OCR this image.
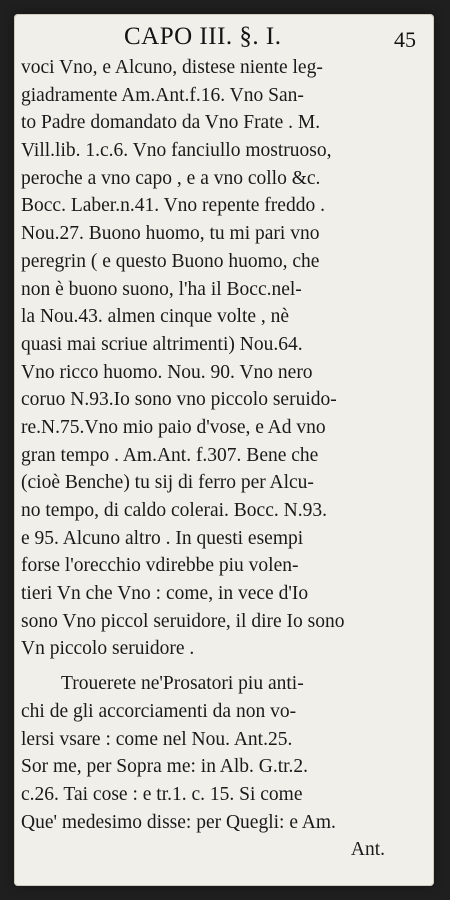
CAPO III. §. I.	45
voci Vno, e Alcuno, distese niente leg-
giadramente Am.Ant.f.16. Vno San-
to Padre domandato da Vno Frate . M.
Vill.lib. 1.c.6. Vno fanciullo mostruoso,
peroche a vno capo , e a vno collo &c.
Bocc. Laber.n.41. Vno repente freddo .
Nou.27. Buono huomo, tu mi pari vno
peregrin ( e questo Buono huomo, che
non è buono suono, l'ha il Bocc.nel-
la Nou.43. almen cinque volte , nè
quasi mai scriue altrimenti) Nou.64.
Vno ricco huomo. Nou. 90. Vno nero
coruo N.93.Io sono vno piccolo seruido-
re.N.75.Vno mio paio d'vose, e Ad vno
gran tempo . Am.Ant. f.307. Bene che
(cioè Benche) tu sij di ferro per Alcu-
no tempo, di caldo colerai. Bocc. N.93.
e 95. Alcuno altro . In questi esempi
forse l'orecchio vdirebbe piu volen-
tieri Vn che Vno : come, in vece d'Io
sono Vno piccol seruidore, il dire Io sono
Vn piccolo seruidore .
Trouerete ne'Prosatori piu anti-
chi de gli accorciamenti da non vo-
lersi vsare : come nel Nou. Ant.25.
Sor me, per Sopra me: in Alb. G.tr.2.
c.26. Tai cose : e tr.1. c. 15. Si come
Que' medesimo disse: per Quegli: e Am.
Ant.
